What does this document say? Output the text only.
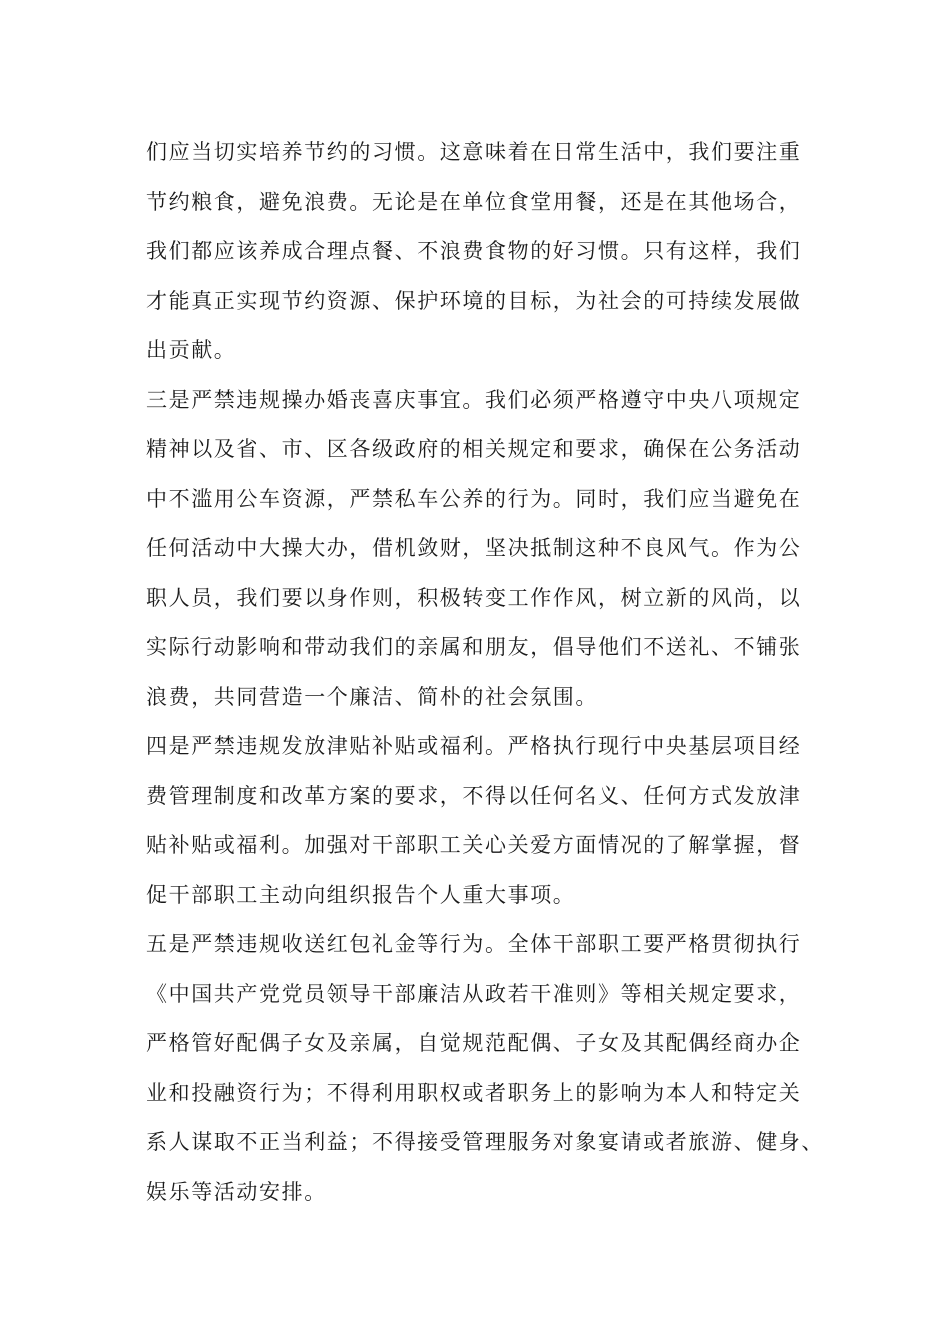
们应当切实培养节约的习惯。这意味着在日常生活中，我们要注重
节约粮食，避免浪费。无论是在单位食堂用餐，还是在其他场合，
我们都应该养成合理点餐、不浪费食物的好习惯。只有这样，我们
才能真正实现节约资源、保护环境的目标，为社会的可持续发展做
出贡献。

三是严禁违规操办婚丧喜庆事宜。我们必须严格遵守中央八项规定
精神以及省、市、区各级政府的相关规定和要求，确保在公务活动
中不滥用公车资源，严禁私车公养的行为。同时，我们应当避免在
任何活动中大操大办，借机敛财，坚决抵制这种不良风气。作为公
职人员，我们要以身作则，积极转变工作作风，树立新的风尚，以
实际行动影响和带动我们的亲属和朋友，倡导他们不送礼、不铺张
浪费，共同营造一个廉洁、简朴的社会氛围。

四是严禁违规发放津贴补贴或福利。严格执行现行中央基层项目经
费管理制度和改革方案的要求，不得以任何名义、任何方式发放津
贴补贴或福利。加强对干部职工关心关爱方面情况的了解掌握，督
促干部职工主动向组织报告个人重大事项。

五是严禁违规收送红包礼金等行为。全体干部职工要严格贯彻执行
《中国共产党党员领导干部廉洁从政若干准则》等相关规定要求，
严格管好配偶子女及亲属，自觉规范配偶、子女及其配偶经商办企
业和投融资行为；不得利用职权或者职务上的影响为本人和特定关
系人谋取不正当利益；不得接受管理服务对象宴请或者旅游、健身、
娱乐等活动安排。
